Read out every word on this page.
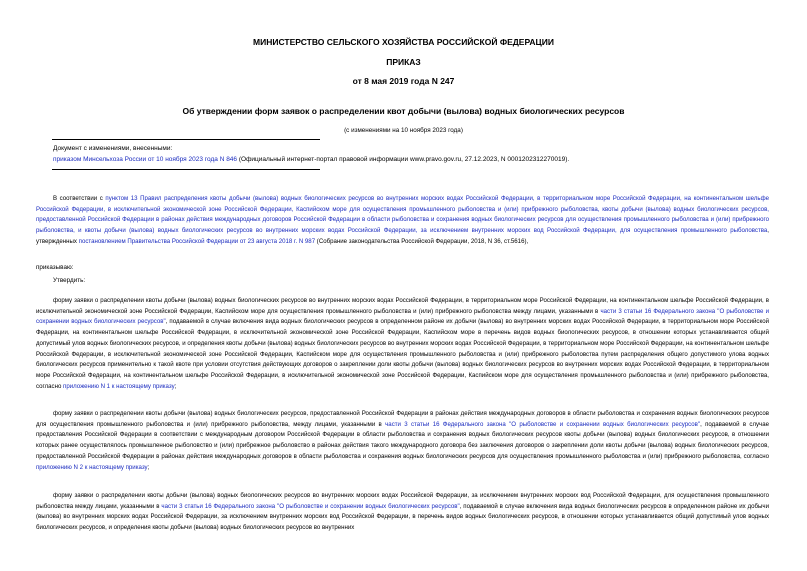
МИНИСТЕРСТВО СЕЛЬСКОГО ХОЗЯЙСТВА РОССИЙСКОЙ ФЕДЕРАЦИИ
ПРИКАЗ
от 8 мая 2019 года N 247
Об утверждении форм заявок о распределении квот добычи (вылова) водных биологических ресурсов
(с изменениями на 10 ноября 2023 года)
Документ с изменениями, внесенными:
приказом Минсельхоза России от 10 ноября 2023 года N 846 (Официальный интернет-портал правовой информации www.pravo.gov.ru, 27.12.2023, N 0001202312270019).
В соответствии с пунктом 13 Правил распределения квоты добычи (вылова) водных биологических ресурсов во внутренних морских водах Российской Федерации, в территориальном море Российской Федерации, на континентальном шельфе Российской Федерации, в исключительной экономической зоне Российской Федерации, Каспийском море для осуществления промышленного рыболовства и (или) прибрежного рыболовства, квоты добычи (вылова) водных биологических ресурсов, предоставленной Российской Федерации в районах действия международных договоров Российской Федерации в области рыболовства и сохранения водных биологических ресурсов для осуществления промышленного рыболовства и (или) прибрежного рыболовства, и квоты добычи (вылова) водных биологических ресурсов во внутренних морских водах Российской Федерации, за исключением внутренних морских вод Российской Федерации, для осуществления промышленного рыболовства, утвержденных постановлением Правительства Российской Федерации от 23 августа 2018 г. N 987 (Собрание законодательства Российской Федерации, 2018, N 36, ст.5616),
приказываю:
Утвердить:
форму заявки о распределении квоты добычи (вылова) водных биологических ресурсов во внутренних морских водах Российской Федерации, в территориальном море Российской Федерации, на континентальном шельфе Российской Федерации, в исключительной экономической зоне Российской Федерации, Каспийском море для осуществления промышленного рыболовства и (или) прибрежного рыболовства между лицами, указанными в части 3 статьи 16 Федерального закона "О рыболовстве и сохранении водных биологических ресурсов", подаваемой в случае включения вида водных биологических ресурсов в определенном районе их добычи (вылова) во внутренних морских водах Российской Федерации, в территориальном море Российской Федерации, на континентальном шельфе Российской Федерации, в исключительной экономической зоне Российской Федерации, Каспийском море в перечень видов водных биологических ресурсов, в отношении которых устанавливается общий допустимый улов водных биологических ресурсов, и определения квоты добычи (вылова) водных биологических ресурсов во внутренних морских водах Российской Федерации, в территориальном море Российской Федерации, на континентальном шельфе Российской Федерации, в исключительной экономической зоне Российской Федерации, Каспийском море для осуществления промышленного рыболовства и (или) прибрежного рыболовства путем распределения общего допустимого улова водных биологических ресурсов применительно к такой квоте при условии отсутствия действующих договоров о закреплении доли квоты добычи (вылова) водных биологических ресурсов во внутренних морских водах Российской Федерации, в территориальном море Российской Федерации, на континентальном шельфе Российской Федерации, в исключительной экономической зоне Российской Федерации, Каспийском море для осуществления промышленного рыболовства и (или) прибрежного рыболовства, согласно приложению N 1 к настоящему приказу;
форму заявки о распределении квоты добычи (вылова) водных биологических ресурсов, предоставленной Российской Федерации в районах действия международных договоров в области рыболовства и сохранения водных биологических ресурсов для осуществления промышленного рыболовства и (или) прибрежного рыболовства, между лицами, указанными в части 3 статьи 16 Федерального закона "О рыболовстве и сохранении водных биологических ресурсов", подаваемой в случае предоставления Российской Федерации в соответствии с международным договором Российской Федерации в области рыболовства и сохранения водных биологических ресурсов квоты добычи (вылова) водных биологических ресурсов, в отношении которых ранее осуществлялось промышленное рыболовство и (или) прибрежное рыболовство в районах действия такого международного договора без заключения договоров о закреплении доли квоты добычи (вылова) водных биологических ресурсов, предоставленной Российской Федерации в районах действия международных договоров в области рыболовства и сохранения водных биологических ресурсов для осуществления промышленного рыболовства и (или) прибрежного рыболовства, согласно приложению N 2 к настоящему приказу;
форму заявки о распределении квоты добычи (вылова) водных биологических ресурсов во внутренних морских водах Российской Федерации, за исключением внутренних морских вод Российской Федерации, для осуществления промышленного рыболовства между лицами, указанными в части 3 статьи 16 Федерального закона "О рыболовстве и сохранении водных биологических ресурсов", подаваемой в случае включения вида водных биологических ресурсов в определенном районе их добычи (вылова) во внутренних морских водах Российской Федерации, за исключением внутренних морских вод Российской Федерации, в перечень видов водных биологических ресурсов, в отношении которых устанавливается общий допустимый улов водных биологических ресурсов, и определения квоты добычи (вылова) водных биологических ресурсов во внутренних
